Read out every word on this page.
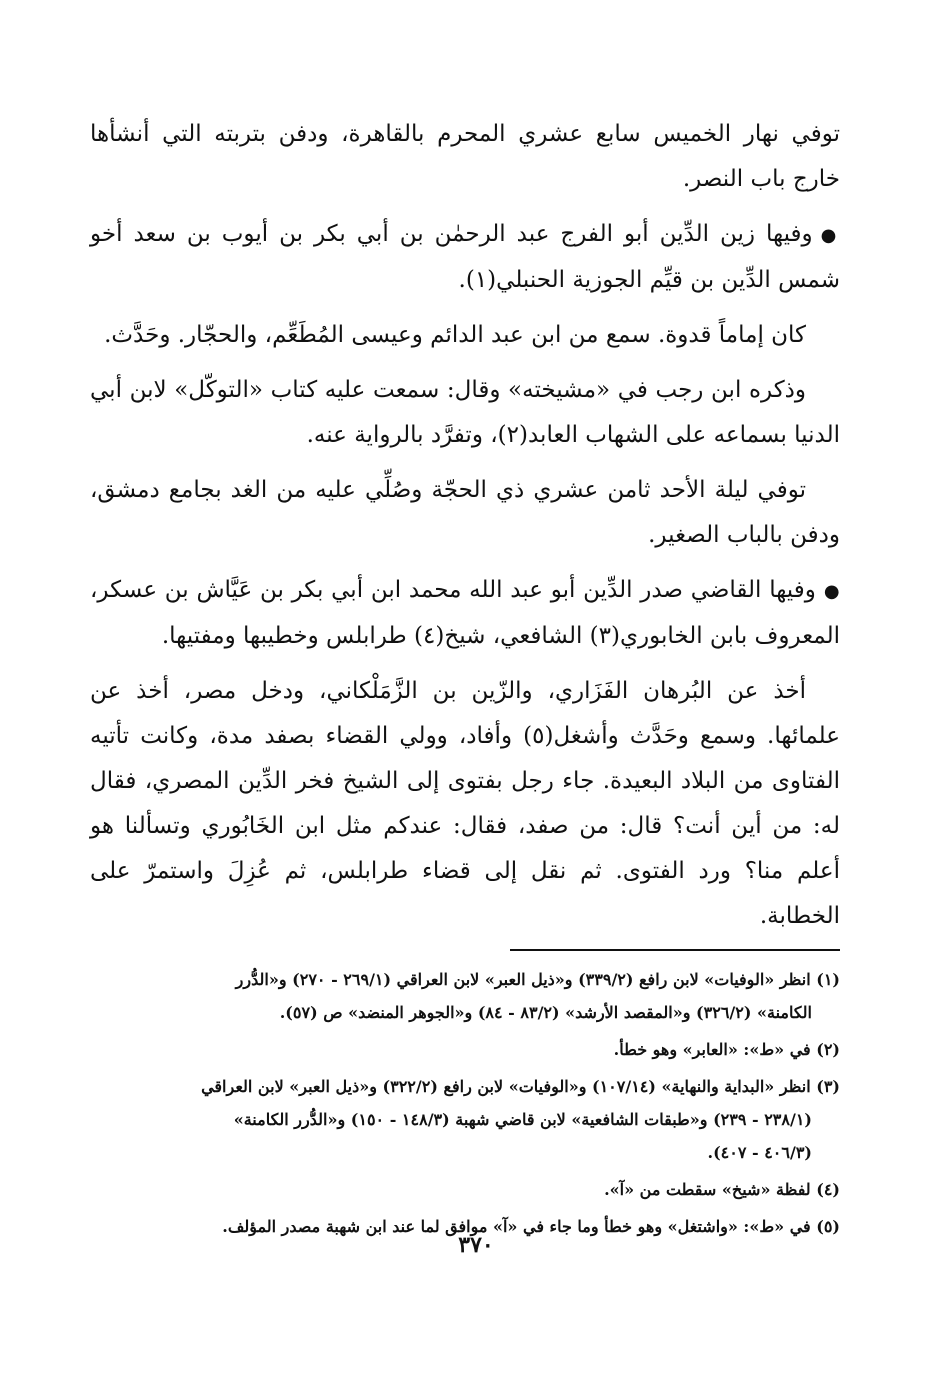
توفي نهار الخميس سابع عشري المحرم بالقاهرة، ودفن بتربته التي أنشأها خارج باب النصر.

●وفيها زين الدِّين أبو الفرج عبد الرحمٰن بن أبي بكر بن أيوب بن سعد أخو شمس الدِّين بن قيِّم الجوزية الحنبلي(١).

كان إماماً قدوة. سمع من ابن عبد الدائم وعيسى المُطَعِّم، والحجّار. وحَدَّث.

وذكره ابن رجب في «مشيخته» وقال: سمعت عليه كتاب «التوكّل» لابن أبي الدنيا بسماعه على الشهاب العابد(٢)، وتفرَّد بالرواية عنه.

توفي ليلة الأحد ثامن عشري ذي الحجّة وصُلِّي عليه من الغد بجامع دمشق، ودفن بالباب الصغير.

●وفيها القاضي صدر الدِّين أبو عبد الله محمد ابن أبي بكر بن عَيَّاش بن عسكر، المعروف بابن الخابوري(٣) الشافعي، شيخ(٤) طرابلس وخطيبها ومفتيها.

أخذ عن البُرهان الفَزَاري، والزّين بن الزَّمَلْكاني، ودخل مصر، أخذ عن علمائها. وسمع وحَدَّث وأشغل(٥) وأفاد، وولي القضاء بصفد مدة، وكانت تأتيه الفتاوى من البلاد البعيدة. جاء رجل بفتوى إلى الشيخ فخر الدِّين المصري، فقال له: من أين أنت؟ قال: من صفد، فقال: عندكم مثل ابن الخَابُوري وتسألنا هو أعلم منا؟ ورد الفتوى. ثم نقل إلى قضاء طرابلس، ثم عُزِلَ واستمرّ على الخطابة.

(١) انظر «الوفيات» لابن رافع (٣٣٩/٢) و«ذيل العبر» لابن العراقي (٢٦٩/١ - ٢٧٠) و«الدُّرر
الكامنة» (٣٢٦/٢) و«المقصد الأرشد» (٨٣/٢ - ٨٤) و«الجوهر المنضد» ص (٥٧).

(٢) في «ط»: «العابر» وهو خطأ.

(٣) انظر «البداية والنهاية» (١٠٧/١٤) و«الوفيات» لابن رافع (٣٢٢/٢) و«ذيل العبر» لابن العراقي
(٢٣٨/١ - ٢٣٩) و«طبقات الشافعية» لابن قاضي شهبة (١٤٨/٣ - ١٥٠) و«الدُّرر الكامنة»
(٤٠٦/٣ - ٤٠٧).

(٤) لفظة «شيخ» سقطت من «آ».

(٥) في «ط»: «واشتغل» وهو خطأ وما جاء في «آ» موافق لما عند ابن شهبة مصدر المؤلف.

٣٧٠
